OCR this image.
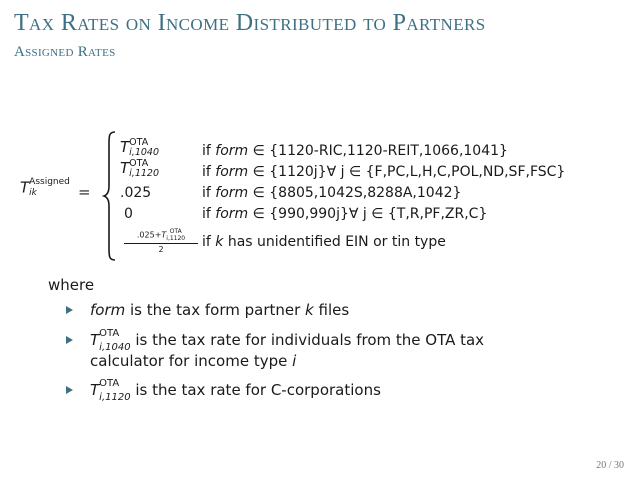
Tax Rates on Income Distributed to Partners
Assigned Rates
$T^{Assigned}$
ik	=
T OTA
i,1040	if form ∈ {1120-RIC,1120-REIT,1066,1041}
T OTA
i,1120	if form ∈ {1120j}∀ j ∈ {F,PC,L,H,C,POL,ND,SF,FSC}
.025	if form ∈ {8805,1042S,8288A,1042}
0	if form ∈ {990,990j}∀ j ∈ {T,R,PF,ZR,C}
.025+T OTA
i,1120
2	if k has unidentified EIN or tin type
where
form is the tax form partner k files
$T^{OTA}$
$_{i,1040}$ is the tax rate for individuals from the OTA tax
calculator for income type i
$T^{OTA}$
$_{i,1120}$ is the tax rate for C-corporations
20 / 30
